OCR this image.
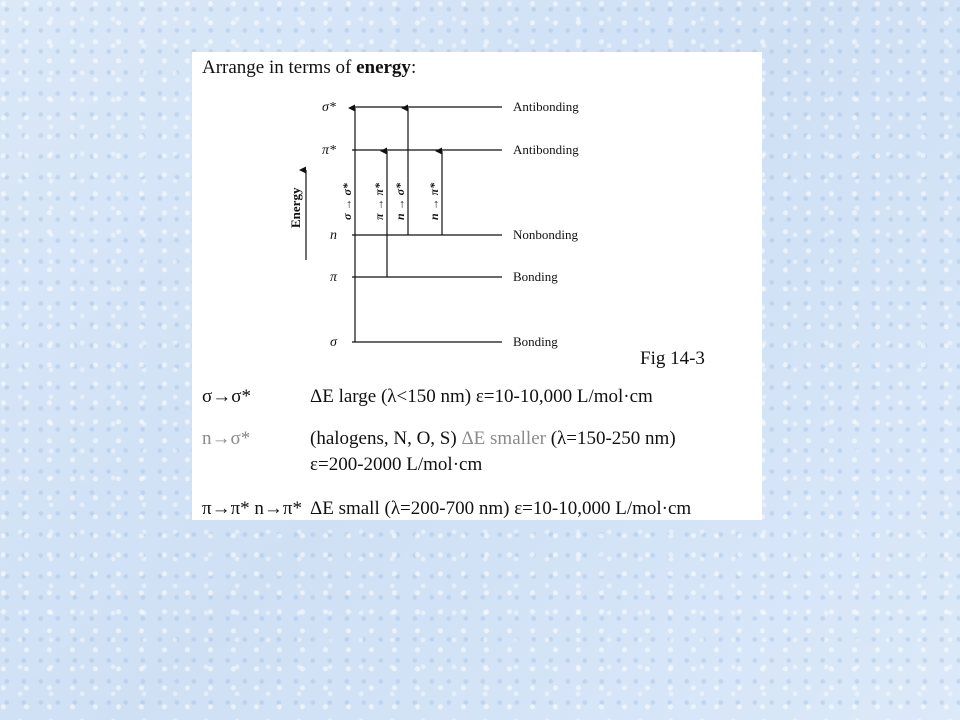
Arrange in terms of energy:
Energy
σ*
π*
n
π
σ
Antibonding
Antibonding
Nonbonding
Bonding
Bonding
σ → σ* π → π* n → σ* n → π*
Fig 14-3
σ→σ*	ΔE large (λ<150 nm) ε=10-10,000 L/mol·cm
n→σ*	(halogens, N, O, S) ΔE smaller (λ=150-250 nm)
ε=200-2000 L/mol·cm
π→π* n→π* ΔE small (λ=200-700 nm) ε=10-10,000 L/mol·cm
